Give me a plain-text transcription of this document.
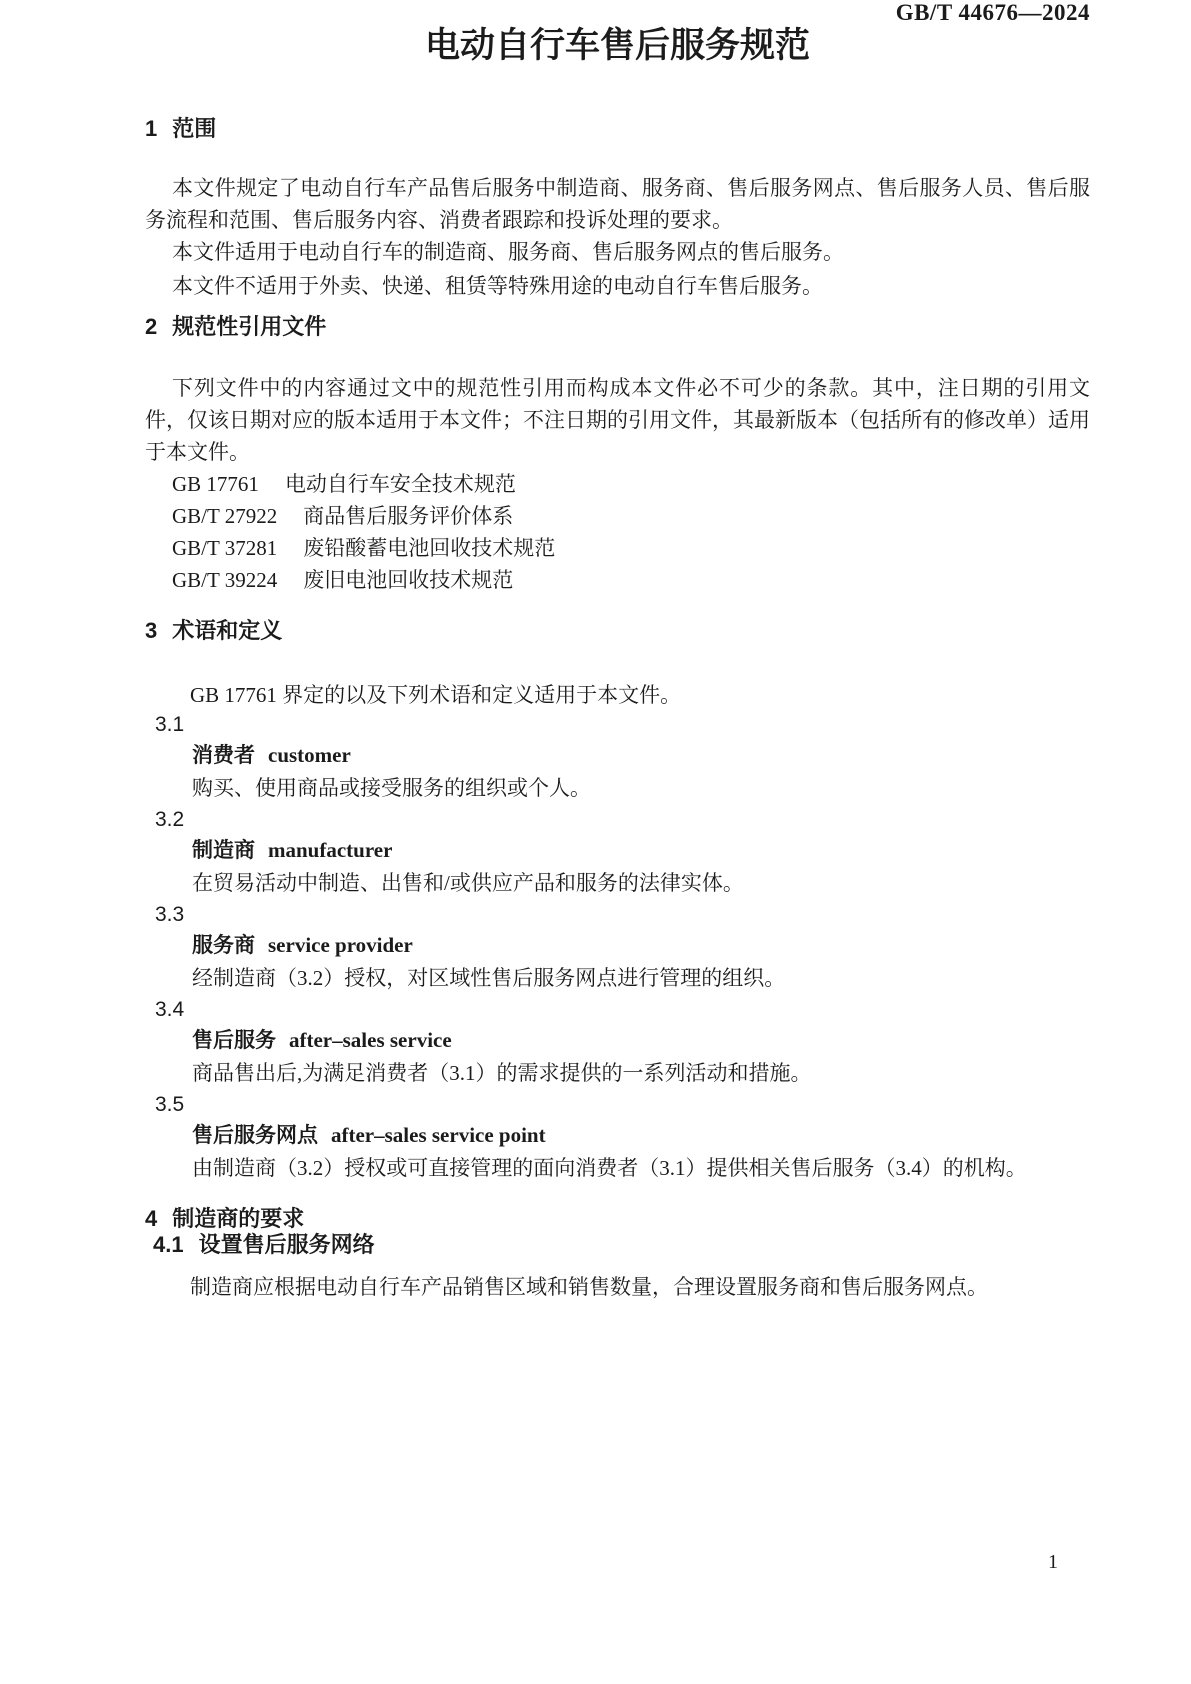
GB/T 44676—2024
电动自行车售后服务规范
1 范围

本文件规定了电动自行车产品售后服务中制造商、服务商、售后服务网点、售后服务人员、售后服务流程和范围、售后服务内容、消费者跟踪和投诉处理的要求。

本文件适用于电动自行车的制造商、服务商、售后服务网点的售后服务。

本文件不适用于外卖、快递、租赁等特殊用途的电动自行车售后服务。

2 规范性引用文件

下列文件中的内容通过文中的规范性引用而构成本文件必不可少的条款。其中，注日期的引用文件，仅该日期对应的版本适用于本文件；不注日期的引用文件，其最新版本（包括所有的修改单）适用于本文件。

GB 17761 电动自行车安全技术规范
GB/T 27922 商品售后服务评价体系
GB/T 37281 废铅酸蓄电池回收技术规范
GB/T 39224 废旧电池回收技术规范
3 术语和定义

GB 17761 界定的以及下列术语和定义适用于本文件。

3.1
消费者 customer
购买、使用商品或接受服务的组织或个人。
3.2
制造商 manufacturer
在贸易活动中制造、出售和/或供应产品和服务的法律实体。
3.3
服务商 service provider
经制造商（3.2）授权，对区域性售后服务网点进行管理的组织。
3.4
售后服务 after–sales service
商品售出后,为满足消费者（3.1）的需求提供的一系列活动和措施。
3.5
售后服务网点 after–sales service point
由制造商（3.2）授权或可直接管理的面向消费者（3.1）提供相关售后服务（3.4）的机构。
4 制造商的要求
4.1 设置售后服务网络

制造商应根据电动自行车产品销售区域和销售数量，合理设置服务商和售后服务网点。

1
